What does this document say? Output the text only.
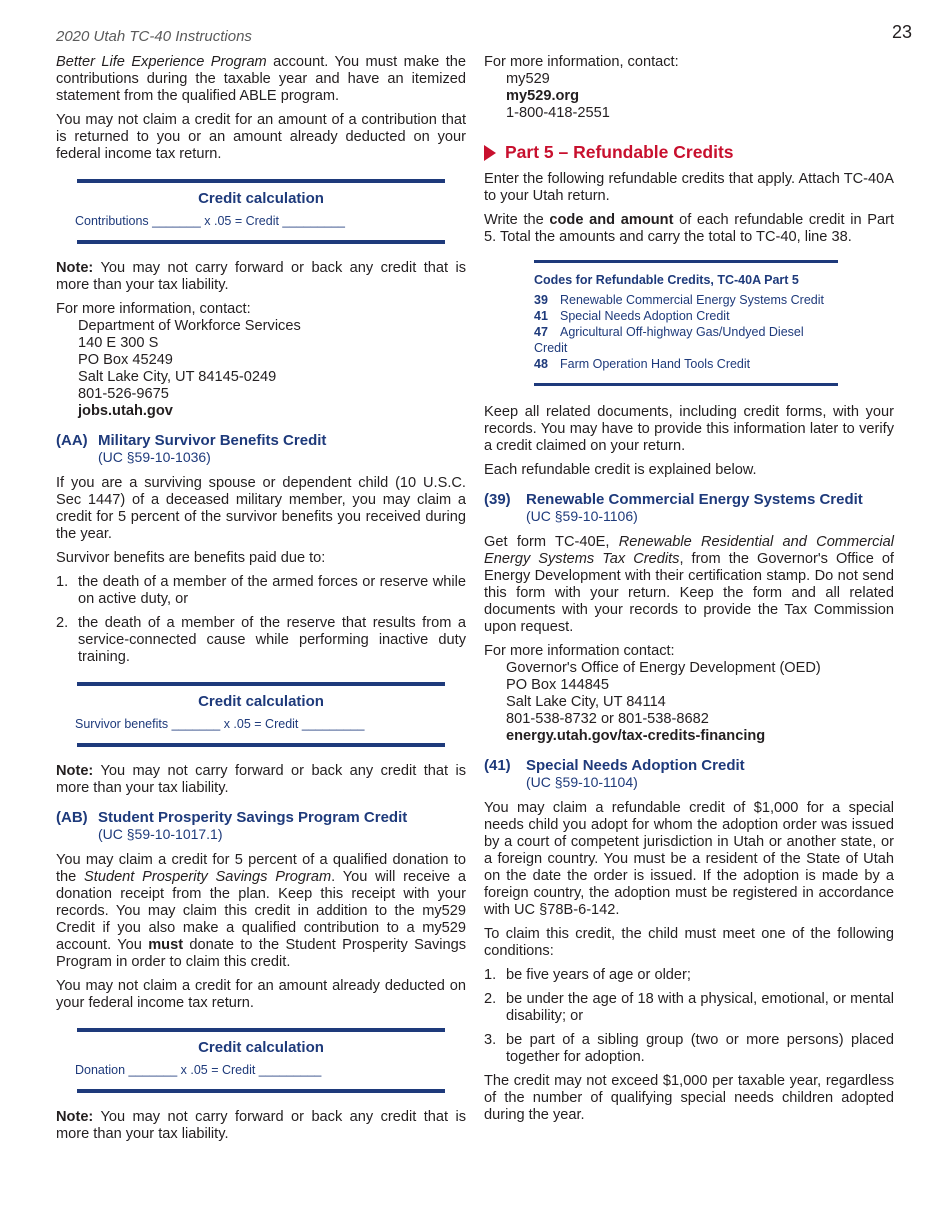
2020 Utah TC-40 Instructions	23

Better Life Experience Program account. You must make the contributions during the taxable year and have an itemized statement from the qualified ABLE program.

You may not claim a credit for an amount of a contribution that is returned to you or an amount already deducted on your federal income tax return.

Credit calculation
Contributions _______ x .05 = Credit _________

Note: You may not carry forward or back any credit that is more than your tax liability.

For more information, contact:

Department of Workforce Services

140 E 300 S

PO Box 45249

Salt Lake City, UT 84145-0249

801-526-9675

jobs.utah.gov

(AA) Military Survivor Benefits Credit
(UC §59-10-1036)

If you are a surviving spouse or dependent child (10 U.S.C. Sec 1447) of a deceased military member, you may claim a credit for 5 percent of the survivor benefits you received during the year.

Survivor benefits are benefits paid due to:

1. the death of a member of the armed forces or reserve while on active duty, or
2. the death of a member of the reserve that results from a service-connected cause while performing inactive duty training.
Credit calculation
Survivor benefits _______ x .05 = Credit _________

Note: You may not carry forward or back any credit that is more than your tax liability.

(AB) Student Prosperity Savings Program Credit
(UC §59-10-1017.1)

You may claim a credit for 5 percent of a qualified donation to the Student Prosperity Savings Program. You will receive a donation receipt from the plan. Keep this receipt with your records. You may claim this credit in addition to the my529 Credit if you also make a qualified contribution to a my529 account. You must donate to the Student Prosperity Savings Program in order to claim this credit.

You may not claim a credit for an amount already deducted on your federal income tax return.

Credit calculation
Donation _______ x .05 = Credit _________

Note: You may not carry forward or back any credit that is more than your tax liability.

For more information, contact:

my529

my529.org

1-800-418-2551

Part 5 – Refundable Credits

Enter the following refundable credits that apply. Attach TC-40A to your Utah return.

Write the code and amount of each refundable credit in Part 5. Total the amounts and carry the total to TC-40, line 38.

Codes for Refundable Credits, TC-40A Part 5
39 Renewable Commercial Energy Systems Credit
41 Special Needs Adoption Credit
47 Agricultural Off-highway Gas/Undyed Diesel Credit
48 Farm Operation Hand Tools Credit

Keep all related documents, including credit forms, with your records. You may have to provide this information later to verify a credit claimed on your return.

Each refundable credit is explained below.

(39) Renewable Commercial Energy Systems Credit
(UC §59-10-1106)

Get form TC-40E, Renewable Residential and Commercial Energy Systems Tax Credits, from the Governor's Office of Energy Development with their certification stamp. Do not send this form with your return. Keep the form and all related documents with your records to provide the Tax Commission upon request.

For more information contact:

Governor's Office of Energy Development (OED)

PO Box 144845

Salt Lake City, UT 84114

801-538-8732 or 801-538-8682

energy.utah.gov/tax-credits-financing

(41) Special Needs Adoption Credit
(UC §59-10-1104)

You may claim a refundable credit of $1,000 for a special needs child you adopt for whom the adoption order was issued by a court of competent jurisdiction in Utah or another state, or a foreign country. You must be a resident of the State of Utah on the date the order is issued. If the adoption is made by a foreign country, the adoption must be registered in accordance with UC §78B-6-142.

To claim this credit, the child must meet one of the following conditions:

1. be five years of age or older;
2. be under the age of 18 with a physical, emotional, or mental disability; or
3. be part of a sibling group (two or more persons) placed together for adoption.

The credit may not exceed $1,000 per taxable year, regardless of the number of qualifying special needs children adopted during the year.
